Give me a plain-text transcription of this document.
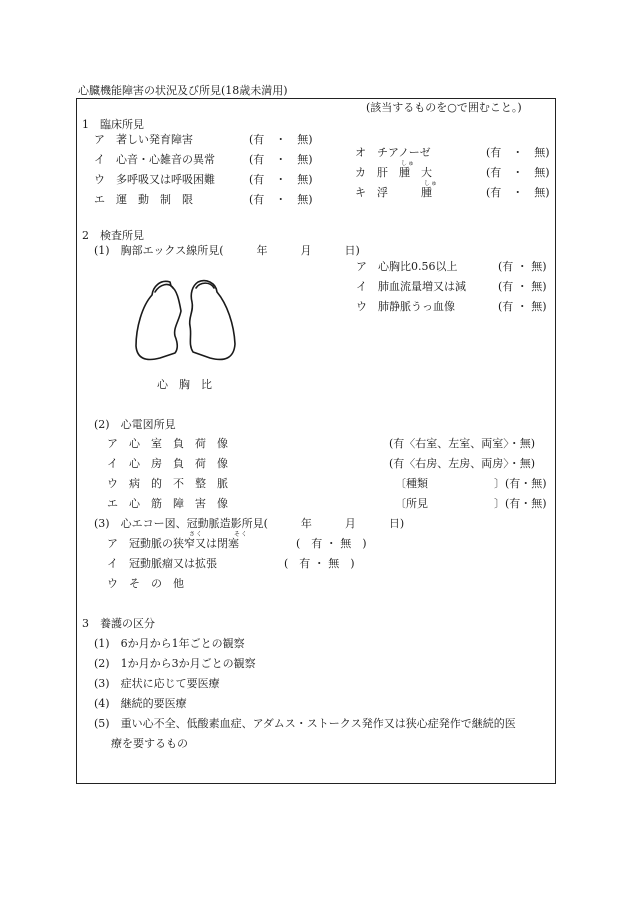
心臓機能障害の状況及び所見(18歳未満用)
(該当するものを○で囲むこと。)
1　臨床所見
ア　著しい発育障害	(有　・　無)
イ　心音・心雑音の異常	(有　・　無)
ウ　多呼吸又は呼吸困難	(有　・　無)
エ　運　動　制　限	(有　・　無)
オ　チアノーゼ	(有　・　無)
しゅ
カ　肝　腫　大	(有　・　無)
しゅ
キ　浮　　　腫	(有　・　無)
2　検査所見
(1)　胸部エックス線所見(　　　年　　　月　　　日)
ア　心胸比0.56以上	(有 ・ 無)
イ　肺血流量増又は減	(有 ・ 無)
ウ　肺静脈うっ血像	(有 ・ 無)
心　胸　比
(2)　心電図所見
ア　心　室　負　荷　像	(有〈右室、左室、両室〉・無)
イ　心　房　負　荷　像	(有〈右房、左房、両房〉・無)
ウ　病　的　不　整　脈	〔種類　　　　　　〕(有・無)
エ　心　筋　障　害　像	〔所見　　　　　　〕(有・無)
(3)　心エコー図、冠動脈造影所見(　　　年　　　月　　　日)
さく	そく
ア　冠動脈の狭窄又は閉塞	(　有 ・ 無　)
イ　冠動脈瘤又は拡張	(　有 ・ 無　)
ウ　そ　の　他
3　養護の区分
(1)　6か月から1年ごとの観察
(2)　1か月から3か月ごとの観察
(3)　症状に応じて要医療
(4)　継続的要医療
(5)　重い心不全、低酸素血症、アダムス・ストークス発作又は狭心症発作で継続的医
療を要するもの
